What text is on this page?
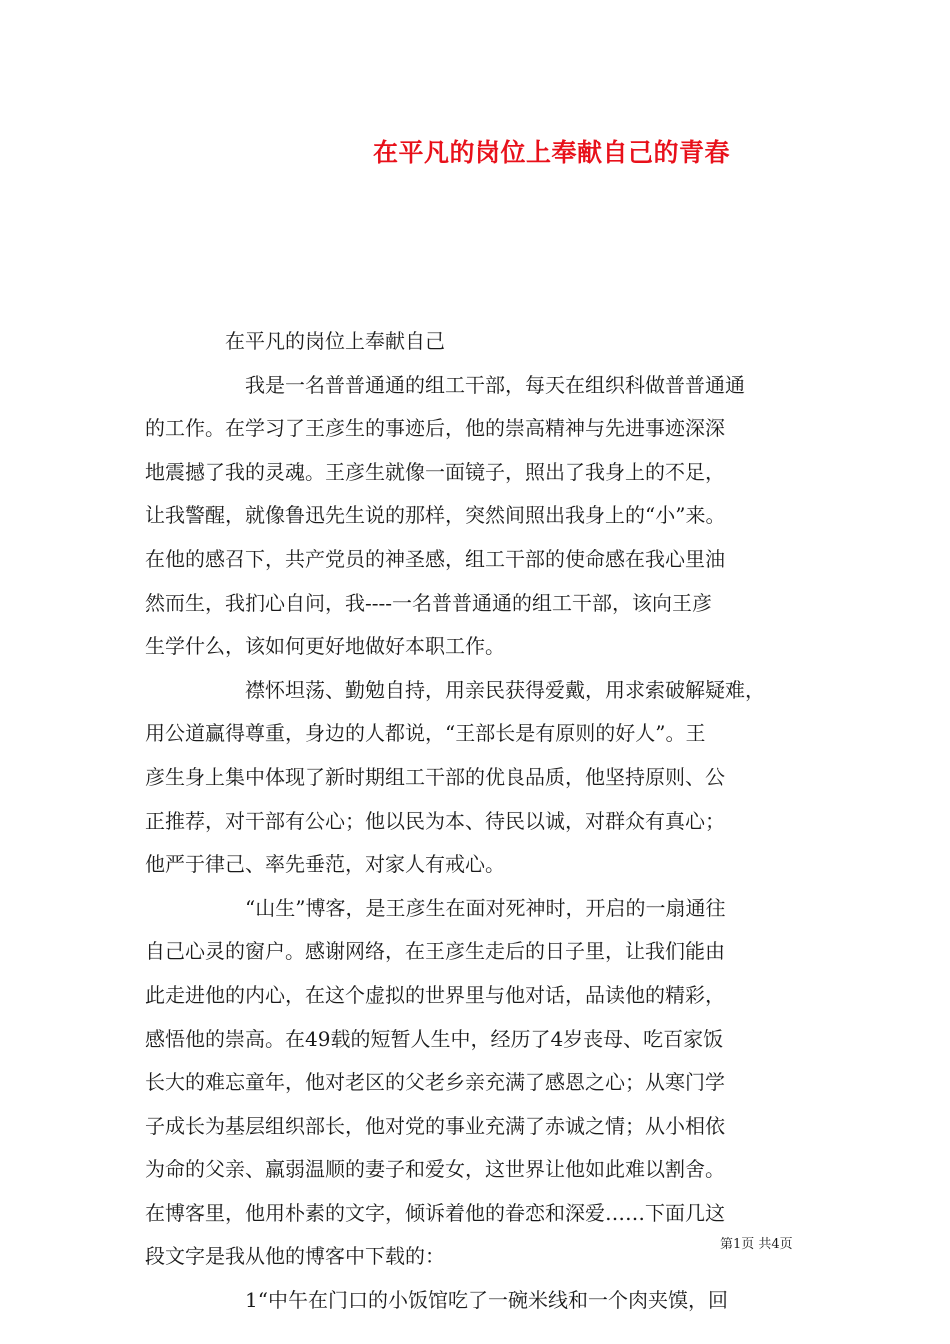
在平凡的岗位上奉献自己的青春
　　　　在平凡的岗位上奉献自己
　　　　　我是一名普普通通的组工干部，每天在组织科做普普通通
的工作。在学习了王彦生的事迹后，他的崇高精神与先进事迹深深
地震撼了我的灵魂。王彦生就像一面镜子，照出了我身上的不足，
让我警醒，就像鲁迅先生说的那样，突然间照出我身上的“小”来。
在他的感召下，共产党员的神圣感，组工干部的使命感在我心里油
然而生，我扪心自问，我----一名普普通通的组工干部，该向王彦
生学什么，该如何更好地做好本职工作。
　　　　　襟怀坦荡、勤勉自持，用亲民获得爱戴，用求索破解疑难，
用公道赢得尊重，身边的人都说，“王部长是有原则的好人”。王
彦生身上集中体现了新时期组工干部的优良品质，他坚持原则、公
正推荐，对干部有公心；他以民为本、待民以诚，对群众有真心；
他严于律己、率先垂范，对家人有戒心。
　　　　　“山生”博客，是王彦生在面对死神时，开启的一扇通往
自己心灵的窗户。感谢网络，在王彦生走后的日子里，让我们能由
此走进他的内心，在这个虚拟的世界里与他对话，品读他的精彩，
感悟他的崇高。在49载的短暂人生中，经历了4岁丧母、吃百家饭
长大的难忘童年，他对老区的父老乡亲充满了感恩之心；从寒门学
子成长为基层组织部长，他对党的事业充满了赤诚之情；从小相依
为命的父亲、羸弱温顺的妻子和爱女，这世界让他如此难以割舍。
在博客里，他用朴素的文字，倾诉着他的眷恋和深爱……下面几这
段文字是我从他的博客中下载的：
　　　　　1“中午在门口的小饭馆吃了一碗米线和一个肉夹馍，回
第1页 共4页
